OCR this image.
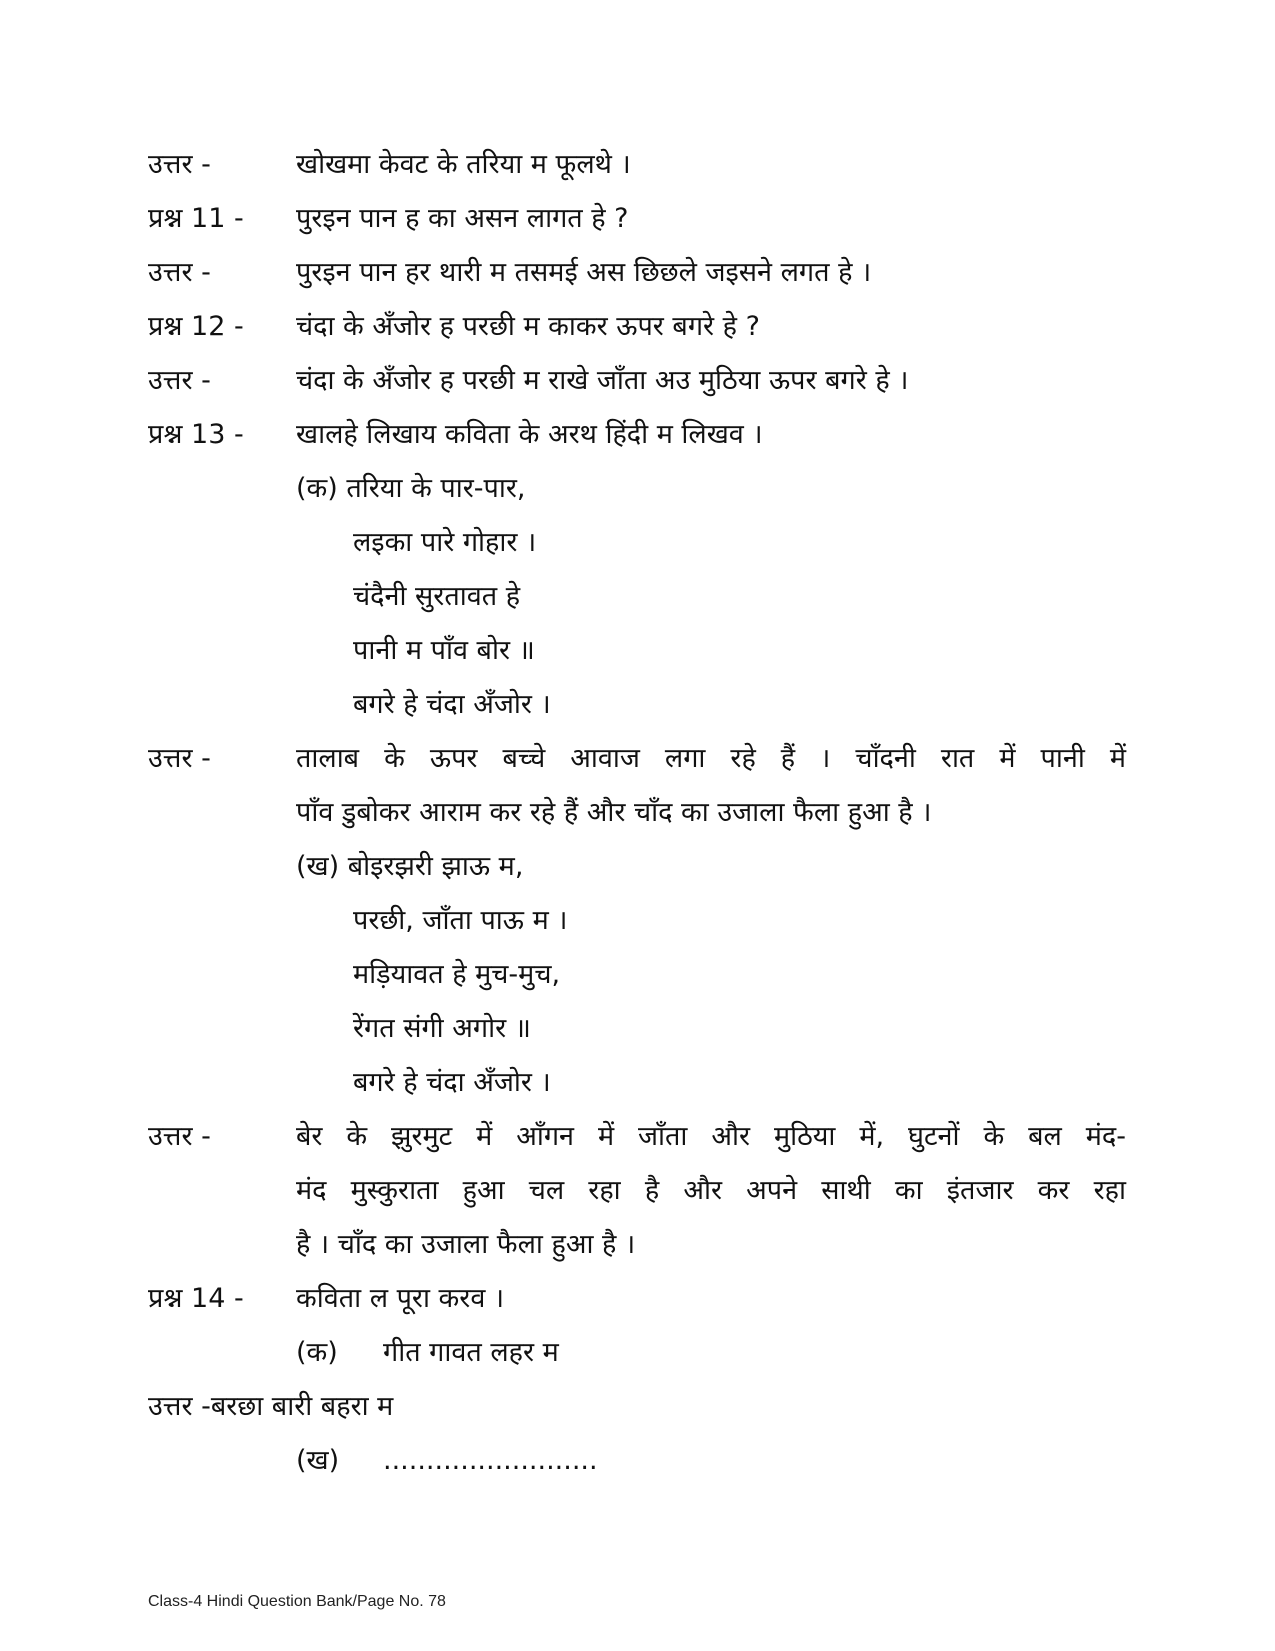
उत्तर -	खोखमा केवट के तरिया म फूलथे ।
प्रश्न 11 - पुरइन पान ह का असन लागत हे ?
उत्तर -	पुरइन पान हर थारी म तसमई अस छिछले जइसने लगत हे ।
प्रश्न 12 - चंदा के अँजोर ह परछी म काकर ऊपर बगरे हे ?
उत्तर -	चंदा के अँजोर ह परछी म राखे जाँता अउ मुठिया ऊपर बगरे हे ।
प्रश्न 13 - खालहे लिखाय कविता के अरथ हिंदी म लिखव ।
(क) तरिया के पार-पार,
लइका पारे गोहार ।
चंदैनी सुरतावत हे
पानी म पाँव बोर ॥
बगरे हे चंदा अँजोर ।
उत्तर -	तालाब के ऊपर बच्चे आवाज लगा रहे हैं । चाँदनी रात में पानी में
पाँव डुबोकर आराम कर रहे हैं और चाँद का उजाला फैला हुआ है ।
(ख) बोइरझरी झाऊ म,
परछी, जाँता पाऊ म ।
मड़ियावत हे मुच-मुच,
रेंगत संगी अगोर ॥
बगरे हे चंदा अँजोर ।
उत्तर -	बेर के झुरमुट में आँगन में जाँता और मुठिया में, घुटनों के बल मंद-
मंद मुस्कुराता हुआ चल रहा है और अपने साथी का इंतजार कर रहा
है । चाँद का उजाला फैला हुआ है ।
प्रश्न 14 - कविता ल पूरा करव ।
(क) गीत गावत लहर म
उत्तर -बरछा बारी बहरा म
(ख) .........................
Class-4 Hindi Question Bank/Page No. 78
